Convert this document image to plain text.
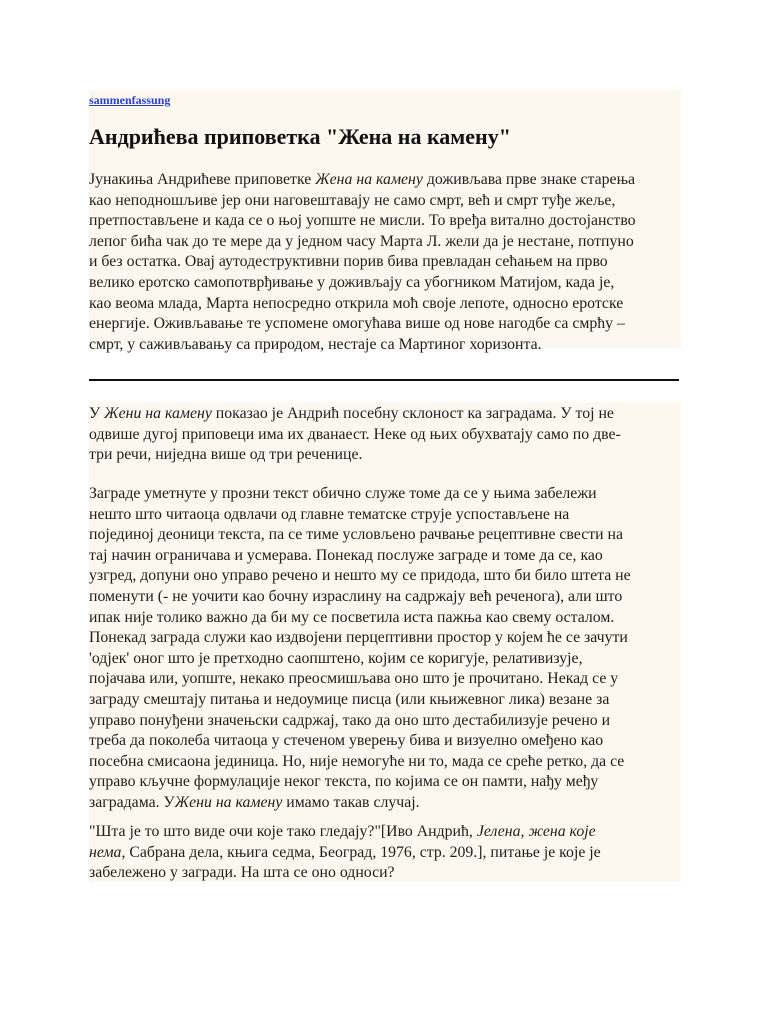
sammenfassung
Андрићева приповетка "Жена на камену"

Јунакиња Андрићеве приповетке Жена на камену доживљава прве знаке старења
као неподношљиве јер они наговештавају не само смрт, већ и смрт туђе жеље,
претпостављене и када се о њој уопште не мисли. То вређа витално достојанство
лепог бића чак до те мере да у једном часу Марта Л. жели да је нестане, потпуно
и без остатка. Овај аутодеструктивни порив бива превладан сећањем на прво
велико еротско самопотврђивање у доживљају са убогником Матијом, када је,
као веома млада, Марта непосредно открила моћ своје лепоте, односно еротске
енергије. Оживљавање те успомене омогућава више од нове нагодбе са смрћу –
смрт, у саживљавању са природом, нестаје са Мартиног хоризонта.

У Жени на камену показао је Андрић посебну склоност ка заградама. У тој не
одвише дугој приповеци има их дванаест. Неке од њих обухватају само по две-
три речи, ниједна више од три реченице.

Заграде уметнуте у прозни текст обично служе томе да се у њима забележи
нешто што читаоца одвлачи од главне тематске струје успостављене на
појединој деоници текста, па се тиме условљено рачвање рецептивне свести на
тај начин ограничава и усмерава. Понекад послуже заграде и томе да се, као
узгред, допуни оно управо речено и нешто му се придода, што би било штета не
поменути (- не уочити као бочну израслину на садржају већ реченога), али што
ипак није толико важно да би му се посветила иста пажња као свему осталом.
Понекад заграда служи као издвојени перцептивни простор у којем ће се зачути
'одјек' оног што је претходно саопштено, којим се коригује, релативизује,
појачава или, уопште, некако преосмишљава оно што је прочитано. Некад се у
заграду смештају питања и недоумице писца (или књижевног лика) везане за
управо понуђени значењски садржај, тако да оно што дестабилизује речено и
треба да поколеба читаоца у стеченом уверењу бива и визуелно омеђено као
посебна смисаона јединица. Но, није немогуће ни то, мада се среће ретко, да се
управо кључне формулације неког текста, по којима се он памти, нађу међу
заградама. УЖени на камену имамо такав случај.

"Шта је то што виде очи које тако гледају?"[Иво Андрић, Јелена, жена које
нема, Сабрана дела, књига седма, Београд, 1976, стр. 209.], питање је које је
забележено у загради. На шта се оно односи?
